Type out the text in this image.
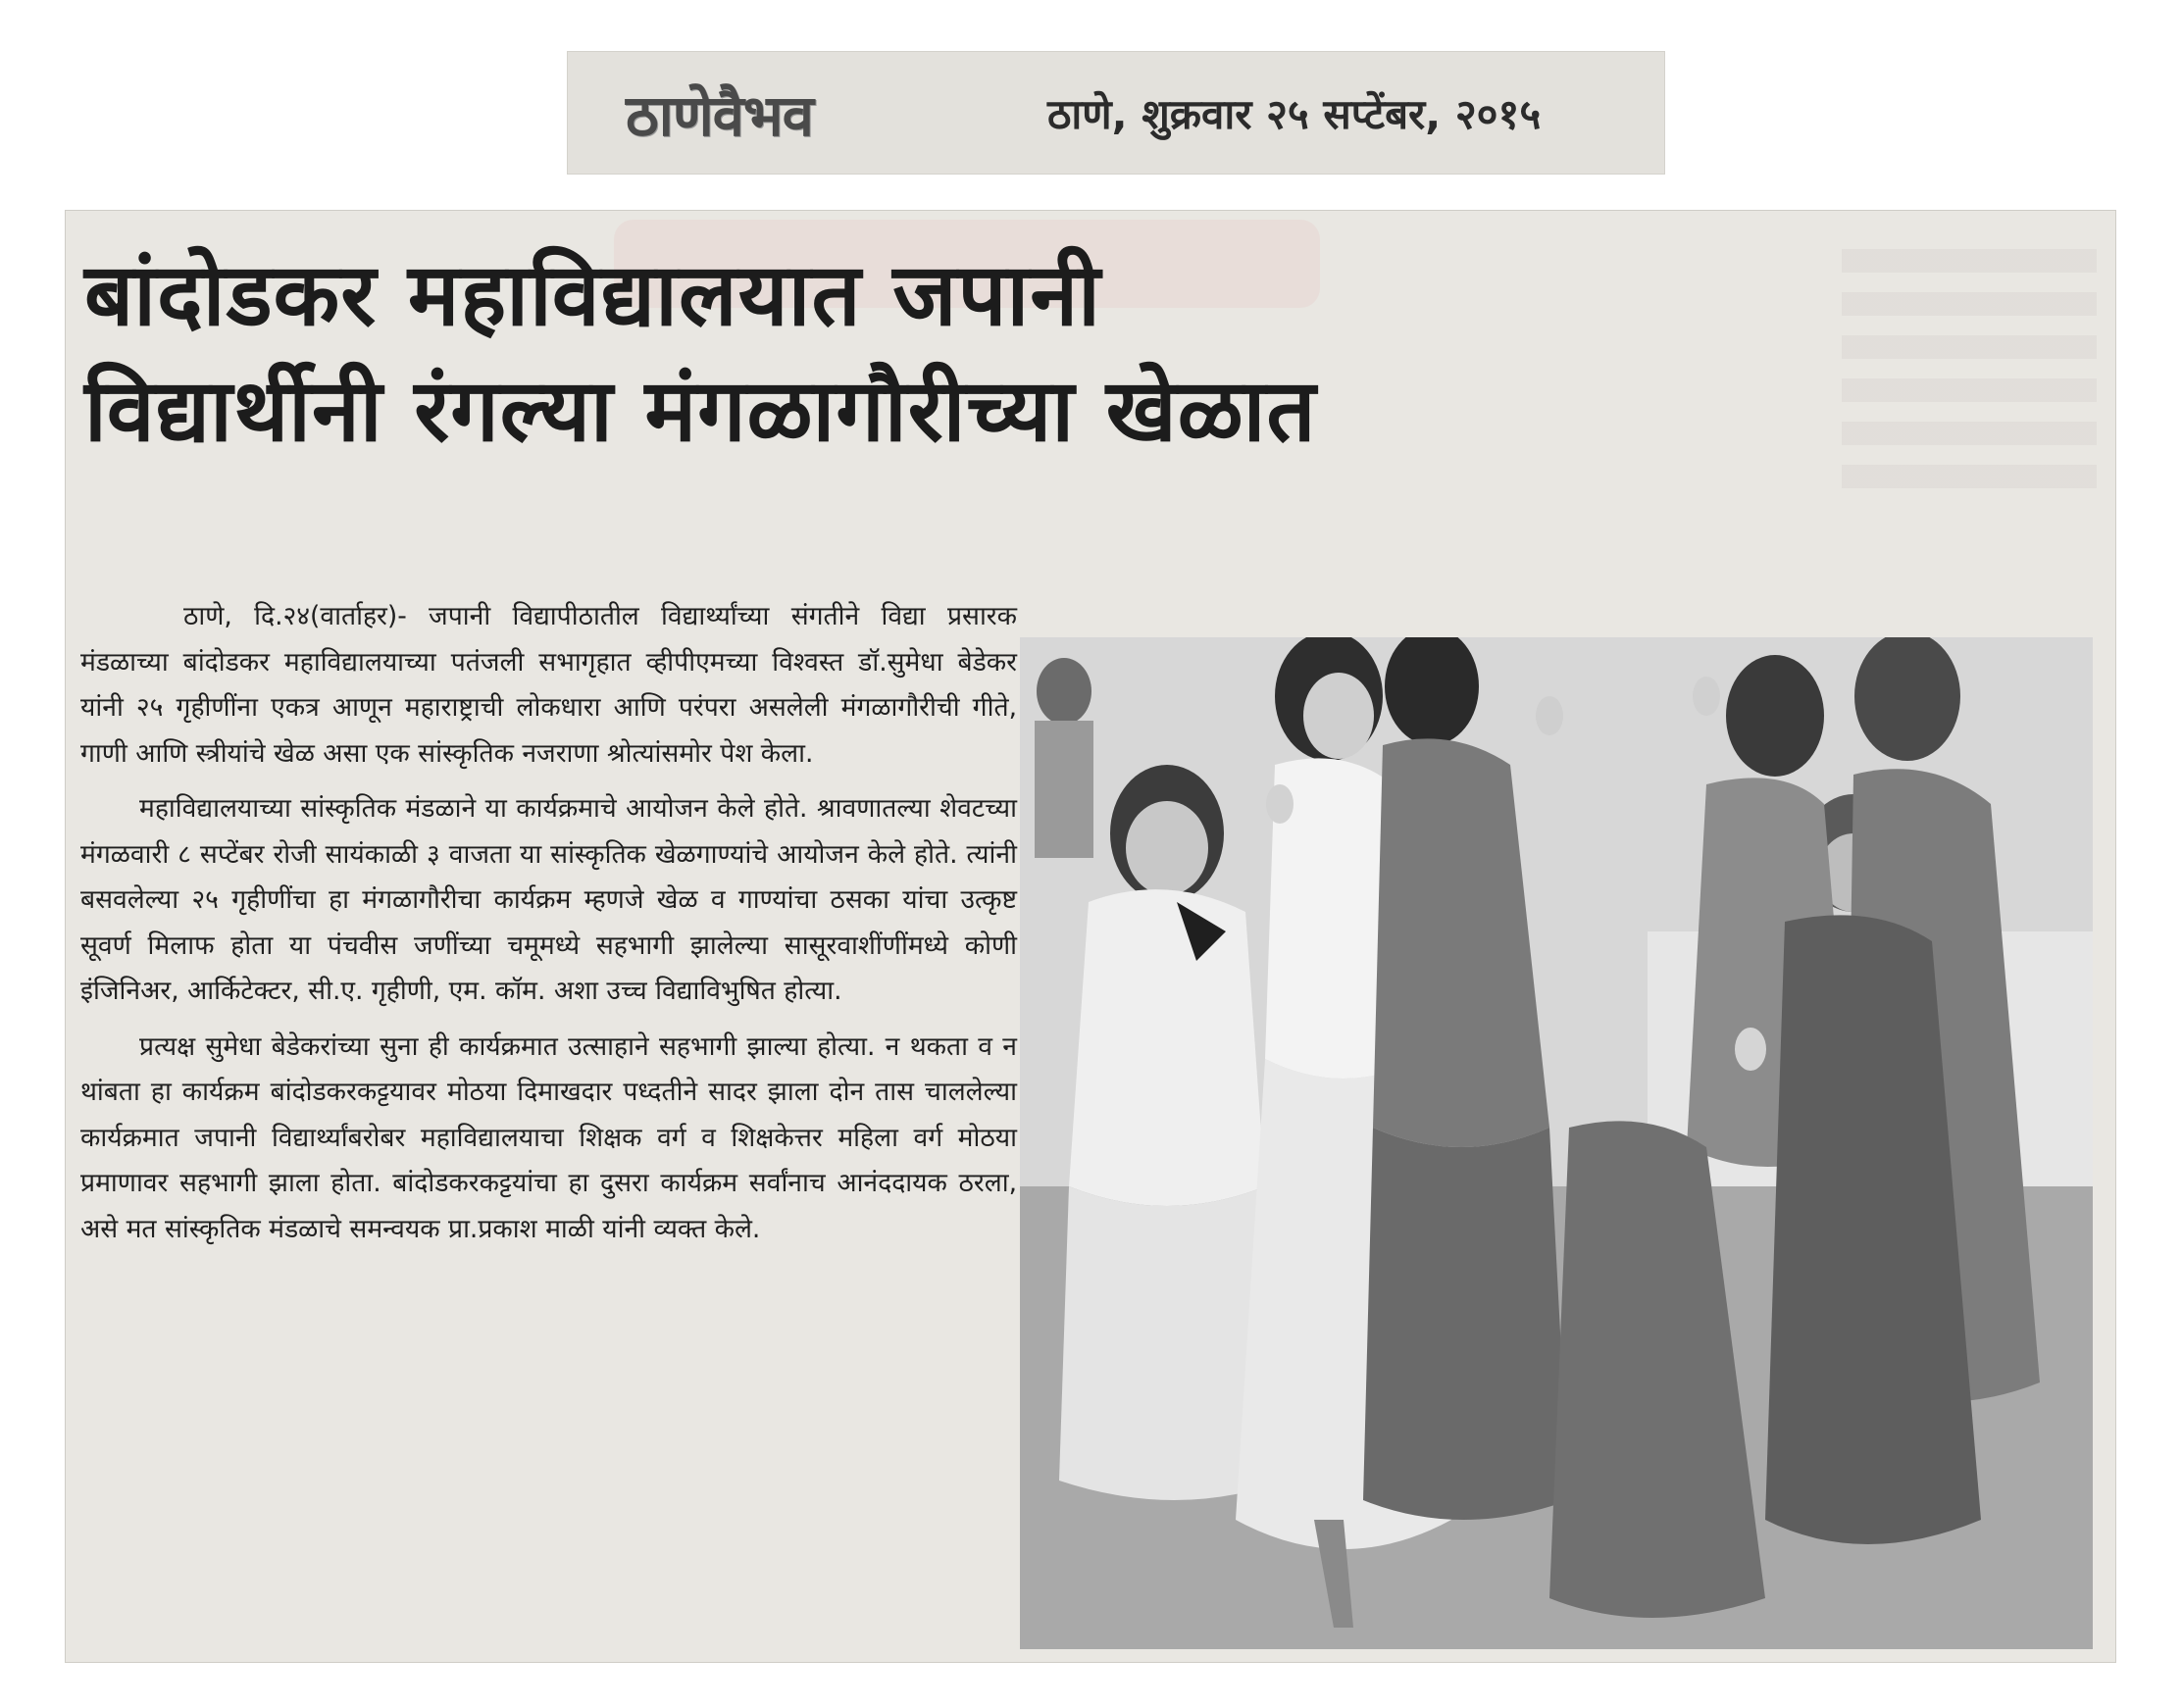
ठाणेवैभव	ठाणे, शुक्रवार २५ सप्टेंबर, २०१५
बांदोडकर महाविद्यालयात जपानी
विद्यार्थीनी रंगल्या मंगळागौरीच्या खेळात

ठाणे, दि.२४(वार्ताहर)- जपानी विद्यापीठातील विद्यार्थ्यांच्या संगतीने विद्या प्रसारक मंडळाच्या बांदोडकर महाविद्यालयाच्या पतंजली सभागृहात व्हीपीएमच्या विश्वस्त डॉ.सुमेधा बेडेकर यांनी २५ गृहीणींना एकत्र आणून महाराष्ट्राची लोकधारा आणि परंपरा असलेली मंगळागौरीची गीते, गाणी आणि स्त्रीयांचे खेळ असा एक सांस्कृतिक नजराणा श्रोत्यांसमोर पेश केला.

महाविद्यालयाच्या सांस्कृतिक मंडळाने या कार्यक्रमाचे आयोजन केले होते. श्रावणातल्या शेवटच्या मंगळवारी ८ सप्टेंबर रोजी सायंकाळी ३ वाजता या सांस्कृतिक खेळगाण्यांचे आयोजन केले होते. त्यांनी बसवलेल्या २५ गृहीणींचा हा मंगळागौरीचा कार्यक्रम म्हणजे खेळ व गाण्यांचा ठसका यांचा उत्कृष्ट सूवर्ण मिलाफ होता या पंचवीस जणींच्या चमूमध्ये सहभागी झालेल्या सासूरवाशींणींमध्ये कोणी इंजिनिअर, आर्किटेक्टर, सी.ए. गृहीणी, एम. कॉम. अशा उच्च विद्याविभुषित होत्या.

प्रत्यक्ष सुमेधा बेडेकरांच्या सुना ही कार्यक्रमात उत्साहाने सहभागी झाल्या होत्या. न थकता व न थांबता हा कार्यक्रम बांदोडकरकट्टयावर मोठया दिमाखदार पध्दतीने सादर झाला दोन तास चाललेल्या कार्यक्रमात जपानी विद्यार्थ्यांबरोबर महाविद्यालयाचा शिक्षक वर्ग व शिक्षकेत्तर महिला वर्ग मोठया प्रमाणावर सहभागी झाला होता. बांदोडकरकट्टयांचा हा दुसरा कार्यक्रम सर्वांनाच आनंददायक ठरला, असे मत सांस्कृतिक मंडळाचे समन्वयक प्रा.प्रकाश माळी यांनी व्यक्त केले.
